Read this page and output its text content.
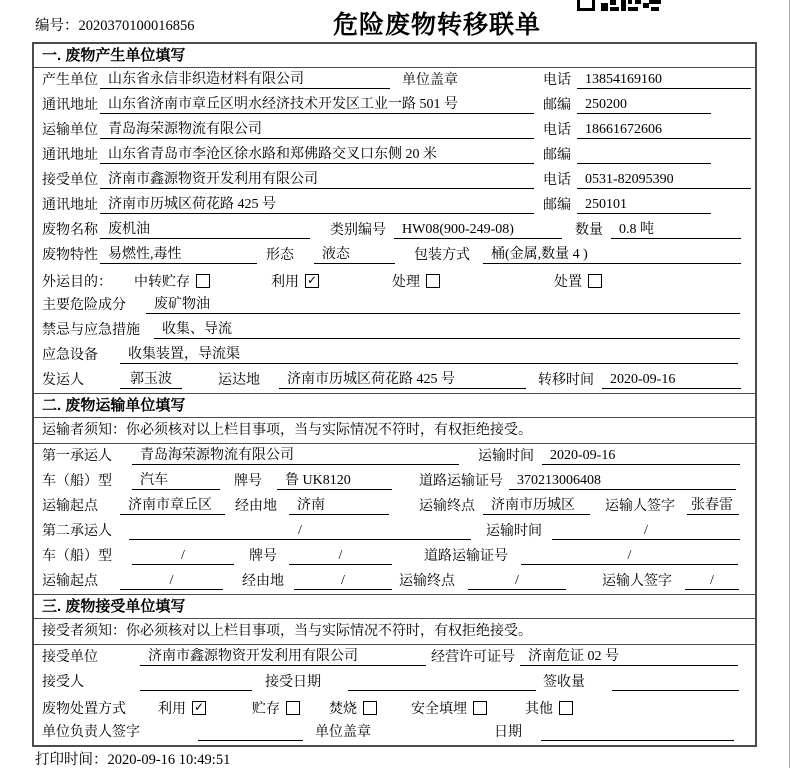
编号：2020370100016856	危险废物转移联单
一. 废物产生单位填写
产生单位 山东省永信非织造材料有限公司	单位盖章	电话	13854169160
通讯地址 山东省济南市章丘区明水经济技术开发区工业一路 501 号	邮编	250200
运输单位 青岛海荣源物流有限公司	电话	18661672606
通讯地址 山东省青岛市李沧区徐水路和郑佛路交叉口东侧 20 米	邮编
接受单位 济南市鑫源物资开发利用有限公司	电话	0531-82095390
通讯地址 济南市历城区荷花路 425 号	邮编	250101
废物名称 废机油	类别编号	HW08(900-249-08)	数量	0.8 吨
废物特性 易燃性,毒性	形态	液态	包装方式	桶(金属,数量 4 )
外运目的： 中转贮存	利用 ✓	处理	处置
主要危险成分	废矿物油
禁忌与应急措施	收集、导流
应急设备	收集装置，导流渠
发运人	郭玉波	运达地	济南市历城区荷花路 425 号	转移时间	2020-09-16
二. 废物运输单位填写
运输者须知：你必须核对以上栏目事项，当与实际情况不符时，有权拒绝接受。
第一承运人	青岛海荣源物流有限公司	运输时间	2020-09-16
车（船）型	汽车	牌号	鲁 UK8120	道路运输证号	370213006408
运输起点	济南市章丘区	经由地	济南	运输终点	济南市历城区	运输人签字 张春雷
第二承运人	/	运输时间	/
车（船）型	/	牌号	/	道路运输证号	/
运输起点	/	经由地	/	运输终点	/	运输人签字	/
三. 废物接受单位填写
接受者须知：你必须核对以上栏目事项，当与实际情况不符时，有权拒绝接受。
接受单位	济南市鑫源物资开发利用有限公司	经营许可证号 济南危证 02 号
接受人	接受日期	签收量
废物处置方式 利用 ✓	贮存	焚烧	安全填埋	其他
单位负责人签字	单位盖章	日期
打印时间：2020-09-16 10:49:51
